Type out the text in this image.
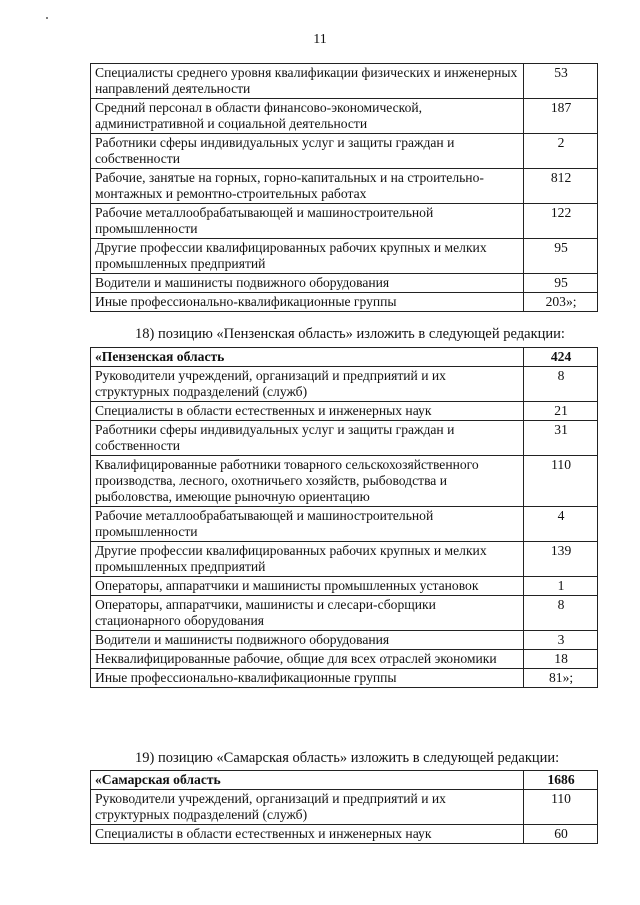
11
Специалисты среднего уровня квалификации физических и инженерных направлений деятельности	53
Средний персонал в области финансово-экономической, административной и социальной деятельности	187
Работники сферы индивидуальных услуг и защиты граждан и собственности	2
Рабочие, занятые на горных, горно-капитальных и на строительно-монтажных и ремонтно-строительных работах	812
Рабочие металлообрабатывающей и машиностроительной промышленности	122
Другие профессии квалифицированных рабочих крупных и мелких промышленных предприятий	95
Водители и машинисты подвижного оборудования	95
Иные профессионально-квалификационные группы	203»;
18) позицию «Пензенская область» изложить в следующей редакции:
«Пензенская область	424
Руководители учреждений, организаций и предприятий и их структурных подразделений (служб)	8
Специалисты в области естественных и инженерных наук	21
Работники сферы индивидуальных услуг и защиты граждан и собственности	31
Квалифицированные работники товарного сельскохозяйственного производства, лесного, охотничьего хозяйств, рыбоводства и рыболовства, имеющие рыночную ориентацию	110
Рабочие металлообрабатывающей и машиностроительной промышленности	4
Другие профессии квалифицированных рабочих крупных и мелких промышленных предприятий	139
Операторы, аппаратчики и машинисты промышленных установок	1
Операторы, аппаратчики, машинисты и слесари-сборщики стационарного оборудования	8
Водители и машинисты подвижного оборудования	3
Неквалифицированные рабочие, общие для всех отраслей экономики	18
Иные профессионально-квалификационные группы	81»;
19) позицию «Самарская область» изложить в следующей редакции:
«Самарская область	1686
Руководители учреждений, организаций и предприятий и их структурных подразделений (служб)	110
Специалисты в области естественных и инженерных наук	60
